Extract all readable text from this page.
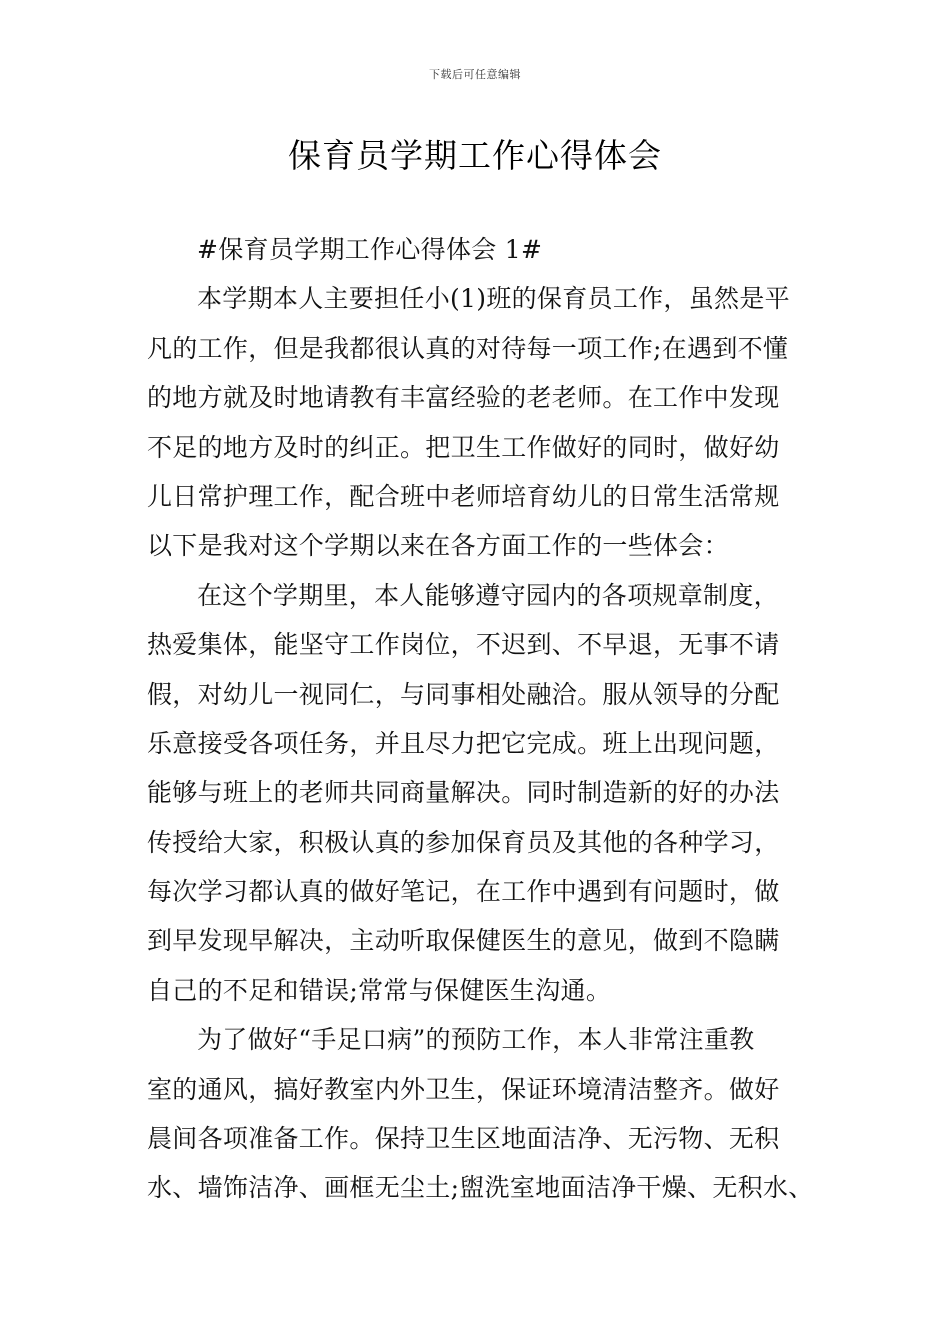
下载后可任意编辑
保育员学期工作心得体会
#保育员学期工作心得体会 1#
本学期本人主要担任小(1)班的保育员工作，虽然是平
凡的工作，但是我都很认真的对待每一项工作;在遇到不懂
的地方就及时地请教有丰富经验的老老师。在工作中发现
不足的地方及时的纠正。把卫生工作做好的同时，做好幼
儿日常护理工作，配合班中老师培育幼儿的日常生活常规
以下是我对这个学期以来在各方面工作的一些体会：
在这个学期里，本人能够遵守园内的各项规章制度，
热爱集体，能坚守工作岗位，不迟到、不早退，无事不请
假，对幼儿一视同仁，与同事相处融洽。服从领导的分配
乐意接受各项任务，并且尽力把它完成。班上出现问题，
能够与班上的老师共同商量解决。同时制造新的好的办法
传授给大家，积极认真的参加保育员及其他的各种学习，
每次学习都认真的做好笔记，在工作中遇到有问题时，做
到早发现早解决，主动听取保健医生的意见，做到不隐瞒
自己的不足和错误;常常与保健医生沟通。
为了做好“手足口病”的预防工作，本人非常注重教
室的通风，搞好教室内外卫生，保证环境清洁整齐。做好
晨间各项准备工作。保持卫生区地面洁净、无污物、无积
水、墙饰洁净、画框无尘土;盥洗室地面洁净干燥、无积水、
